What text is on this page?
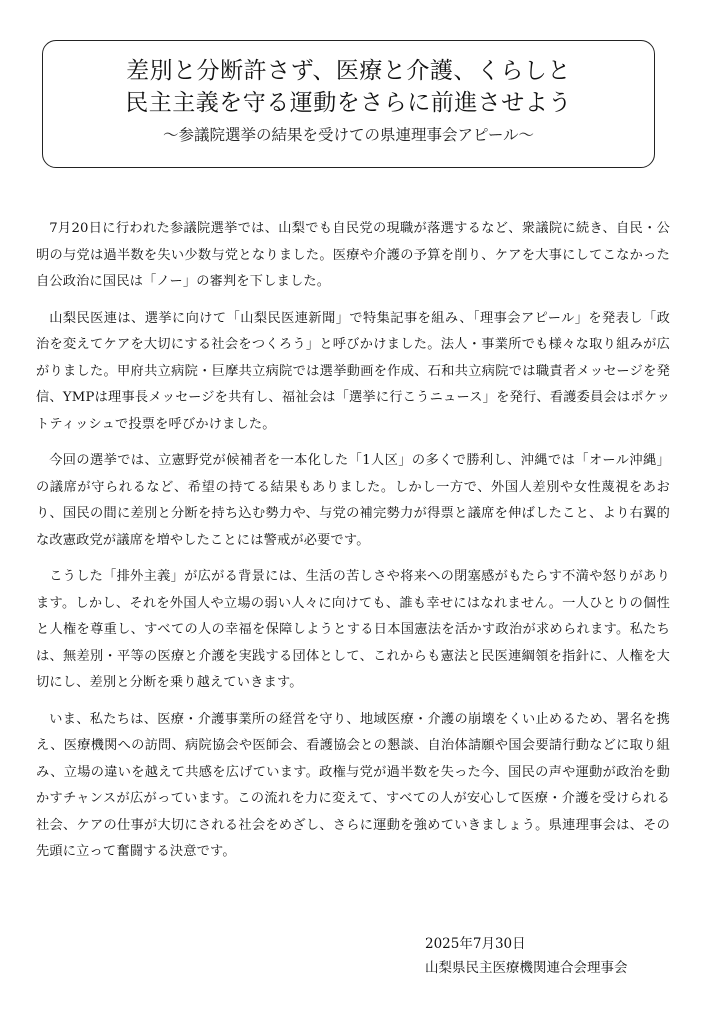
差別と分断許さず、医療と介護、くらしと
民主主義を守る運動をさらに前進させよう
～参議院選挙の結果を受けての県連理事会アピール～

7月20日に行われた参議院選挙では、山梨でも自民党の現職が落選するなど、衆議院に続き、自民・公明の与党は過半数を失い少数与党となりました。医療や介護の予算を削り、ケアを大事にしてこなかった自公政治に国民は「ノー」の審判を下しました。

山梨民医連は、選挙に向けて「山梨民医連新聞」で特集記事を組み、「理事会アピール」を発表し「政治を変えてケアを大切にする社会をつくろう」と呼びかけました。法人・事業所でも様々な取り組みが広がりました。甲府共立病院・巨摩共立病院では選挙動画を作成、石和共立病院では職責者メッセージを発信、YMPは理事長メッセージを共有し、福祉会は「選挙に行こうニュース」を発行、看護委員会はポケットティッシュで投票を呼びかけました。

今回の選挙では、立憲野党が候補者を一本化した「1人区」の多くで勝利し、沖縄では「オール沖縄」の議席が守られるなど、希望の持てる結果もありました。しかし一方で、外国人差別や女性蔑視をあおり、国民の間に差別と分断を持ち込む勢力や、与党の補完勢力が得票と議席を伸ばしたこと、より右翼的な改憲政党が議席を増やしたことには警戒が必要です。

こうした「排外主義」が広がる背景には、生活の苦しさや将来への閉塞感がもたらす不満や怒りがあります。しかし、それを外国人や立場の弱い人々に向けても、誰も幸せにはなれません。一人ひとりの個性と人権を尊重し、すべての人の幸福を保障しようとする日本国憲法を活かす政治が求められます。私たちは、無差別・平等の医療と介護を実践する団体として、これからも憲法と民医連綱領を指針に、人権を大切にし、差別と分断を乗り越えていきます。

いま、私たちは、医療・介護事業所の経営を守り、地域医療・介護の崩壊をくい止めるため、署名を携え、医療機関への訪問、病院協会や医師会、看護協会との懇談、自治体請願や国会要請行動などに取り組み、立場の違いを越えて共感を広げています。政権与党が過半数を失った今、国民の声や運動が政治を動かすチャンスが広がっています。この流れを力に変えて、すべての人が安心して医療・介護を受けられる社会、ケアの仕事が大切にされる社会をめざし、さらに運動を強めていきましょう。県連理事会は、その先頭に立って奮闘する決意です。

2025年7月30日
山梨県民主医療機関連合会理事会
